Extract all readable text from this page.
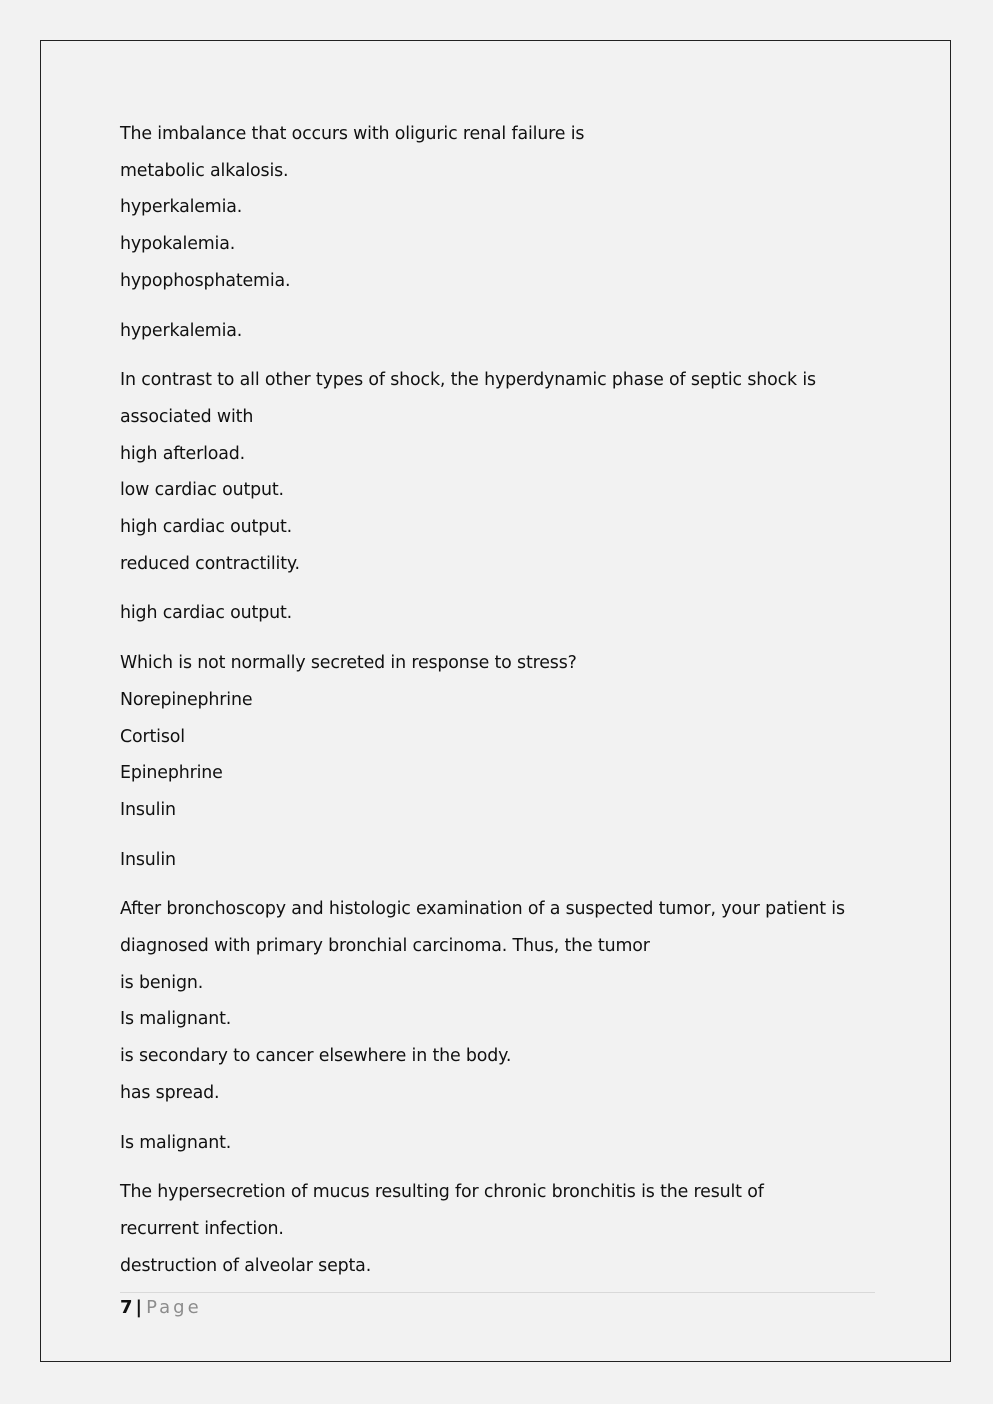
The imbalance that occurs with oliguric renal failure is
metabolic alkalosis.
hyperkalemia.
hypokalemia.
hypophosphatemia.
hyperkalemia.
In contrast to all other types of shock, the hyperdynamic phase of septic shock is
associated with
high afterload.
low cardiac output.
high cardiac output.
reduced contractility.
high cardiac output.
Which is not normally secreted in response to stress?
Norepinephrine
Cortisol
Epinephrine
Insulin
Insulin
After bronchoscopy and histologic examination of a suspected tumor, your patient is
diagnosed with primary bronchial carcinoma. Thus, the tumor
is benign.
Is malignant.
is secondary to cancer elsewhere in the body.
has spread.
Is malignant.
The hypersecretion of mucus resulting for chronic bronchitis is the result of
recurrent infection.
destruction of alveolar septa.
7 | Page
